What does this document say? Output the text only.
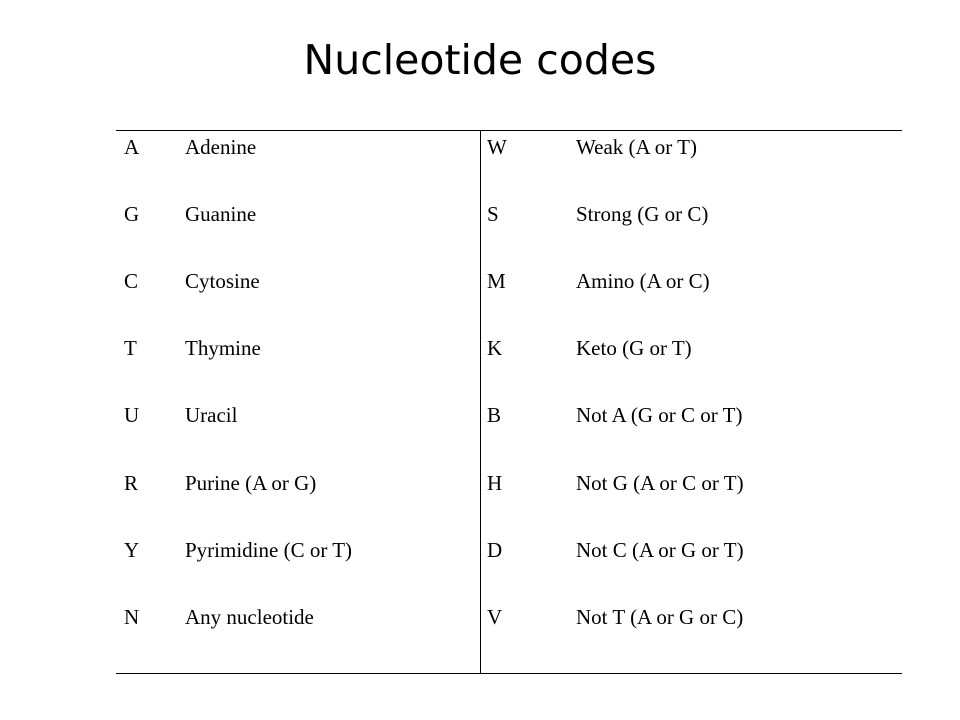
Nucleotide codes
A Adenine	W	Weak (A or T)
G Guanine	S	Strong (G or C)
C Cytosine	M	Amino (A or C)
T Thymine	K	Keto (G or T)
U Uracil	B	Not A (G or C or T)
R Purine (A or G)	H	Not G (A or C or T)
Y Pyrimidine (C or T)	D	Not C (A or G or T)
N Any nucleotide	V	Not T (A or G or C)
